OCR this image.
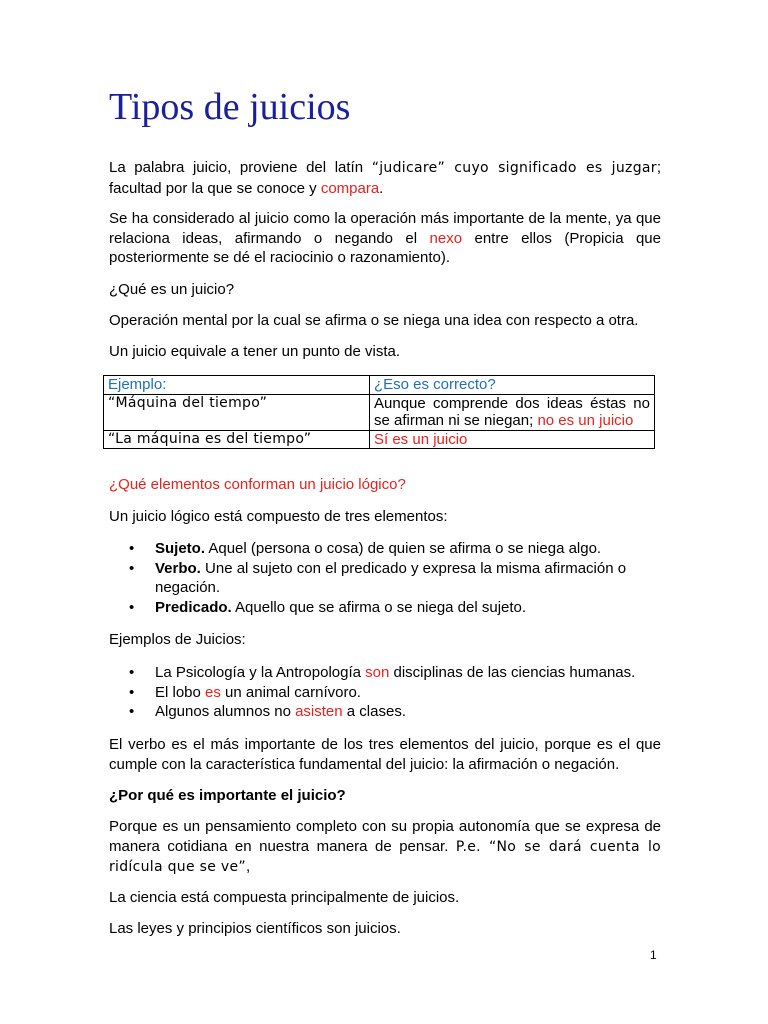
Tipos de juicios

La palabra juicio, proviene del latín “judicare” cuyo significado es juzgar; facultad por la que se conoce y compara.

Se ha considerado al juicio como la operación más importante de la mente, ya que relaciona ideas, afirmando o negando el nexo entre ellos (Propicia que posteriormente se dé el raciocinio o razonamiento).

¿Qué es un juicio?

Operación mental por la cual se afirma o se niega una idea con respecto a otra.

Un juicio equivale a tener un punto de vista.

Ejemplo:	¿Eso es correcto?
“Máquina del tiempo”	Aunque comprende dos ideas éstas no se afirman ni se niegan; no es un juicio
“La máquina es del tiempo”	Sí es un juicio

¿Qué elementos conforman un juicio lógico?

Un juicio lógico está compuesto de tres elementos:

• Sujeto. Aquel (persona o cosa) de quien se afirma o se niega algo.
• Verbo. Une al sujeto con el predicado y expresa la misma afirmación o negación.
• Predicado. Aquello que se afirma o se niega del sujeto.

Ejemplos de Juicios:

• La Psicología y la Antropología son disciplinas de las ciencias humanas.
• El lobo es un animal carnívoro.
• Algunos alumnos no asisten a clases.

El verbo es el más importante de los tres elementos del juicio, porque es el que cumple con la característica fundamental del juicio: la afirmación o negación.

¿Por qué es importante el juicio?

Porque es un pensamiento completo con su propia autonomía que se expresa de manera cotidiana en nuestra manera de pensar. P.e. “No se dará cuenta lo ridícula que se ve”,

La ciencia está compuesta principalmente de juicios.

Las leyes y principios científicos son juicios.

1
